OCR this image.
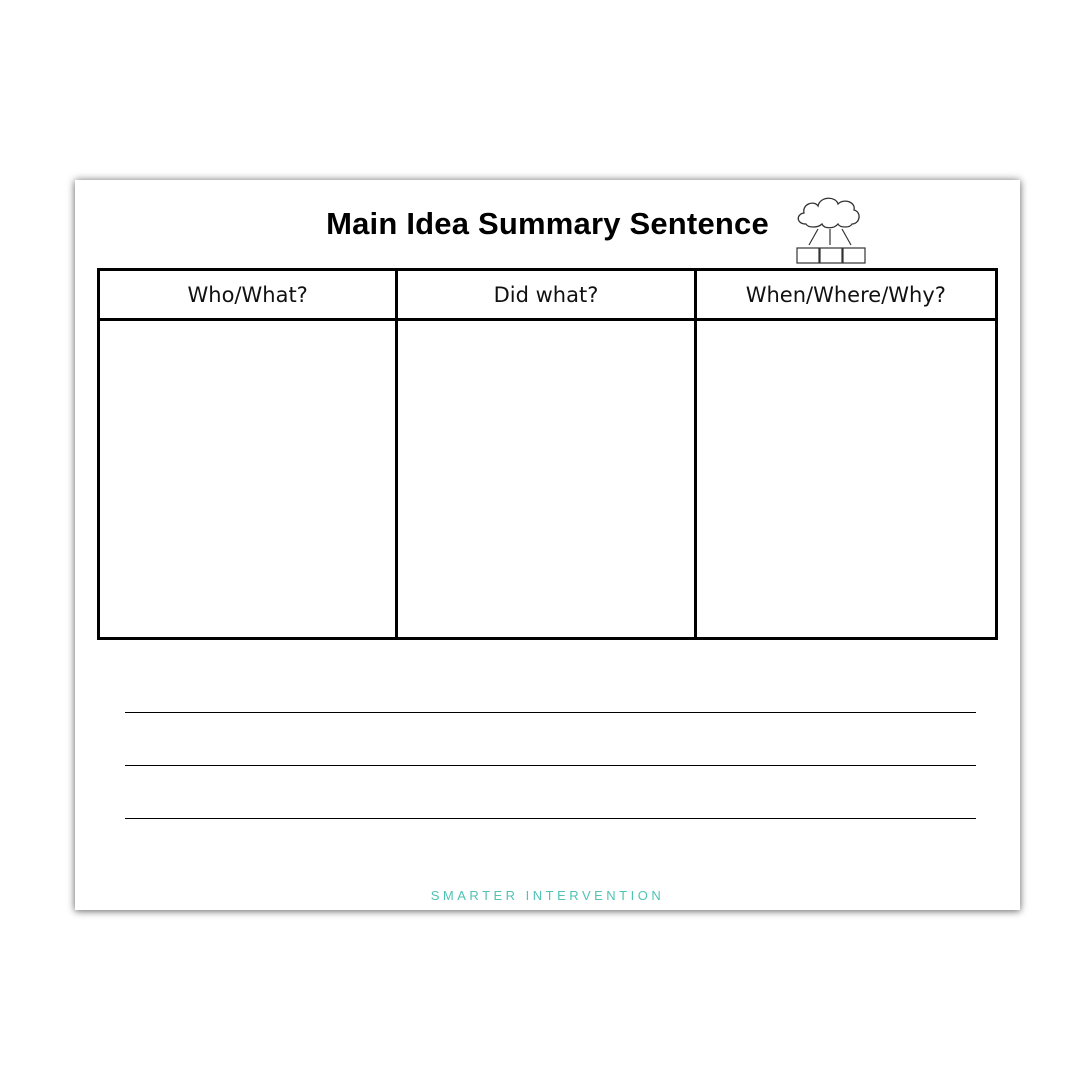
Main Idea Summary Sentence
Who/What?	Did what?	When/Where/Why?
SMARTER INTERVENTION
